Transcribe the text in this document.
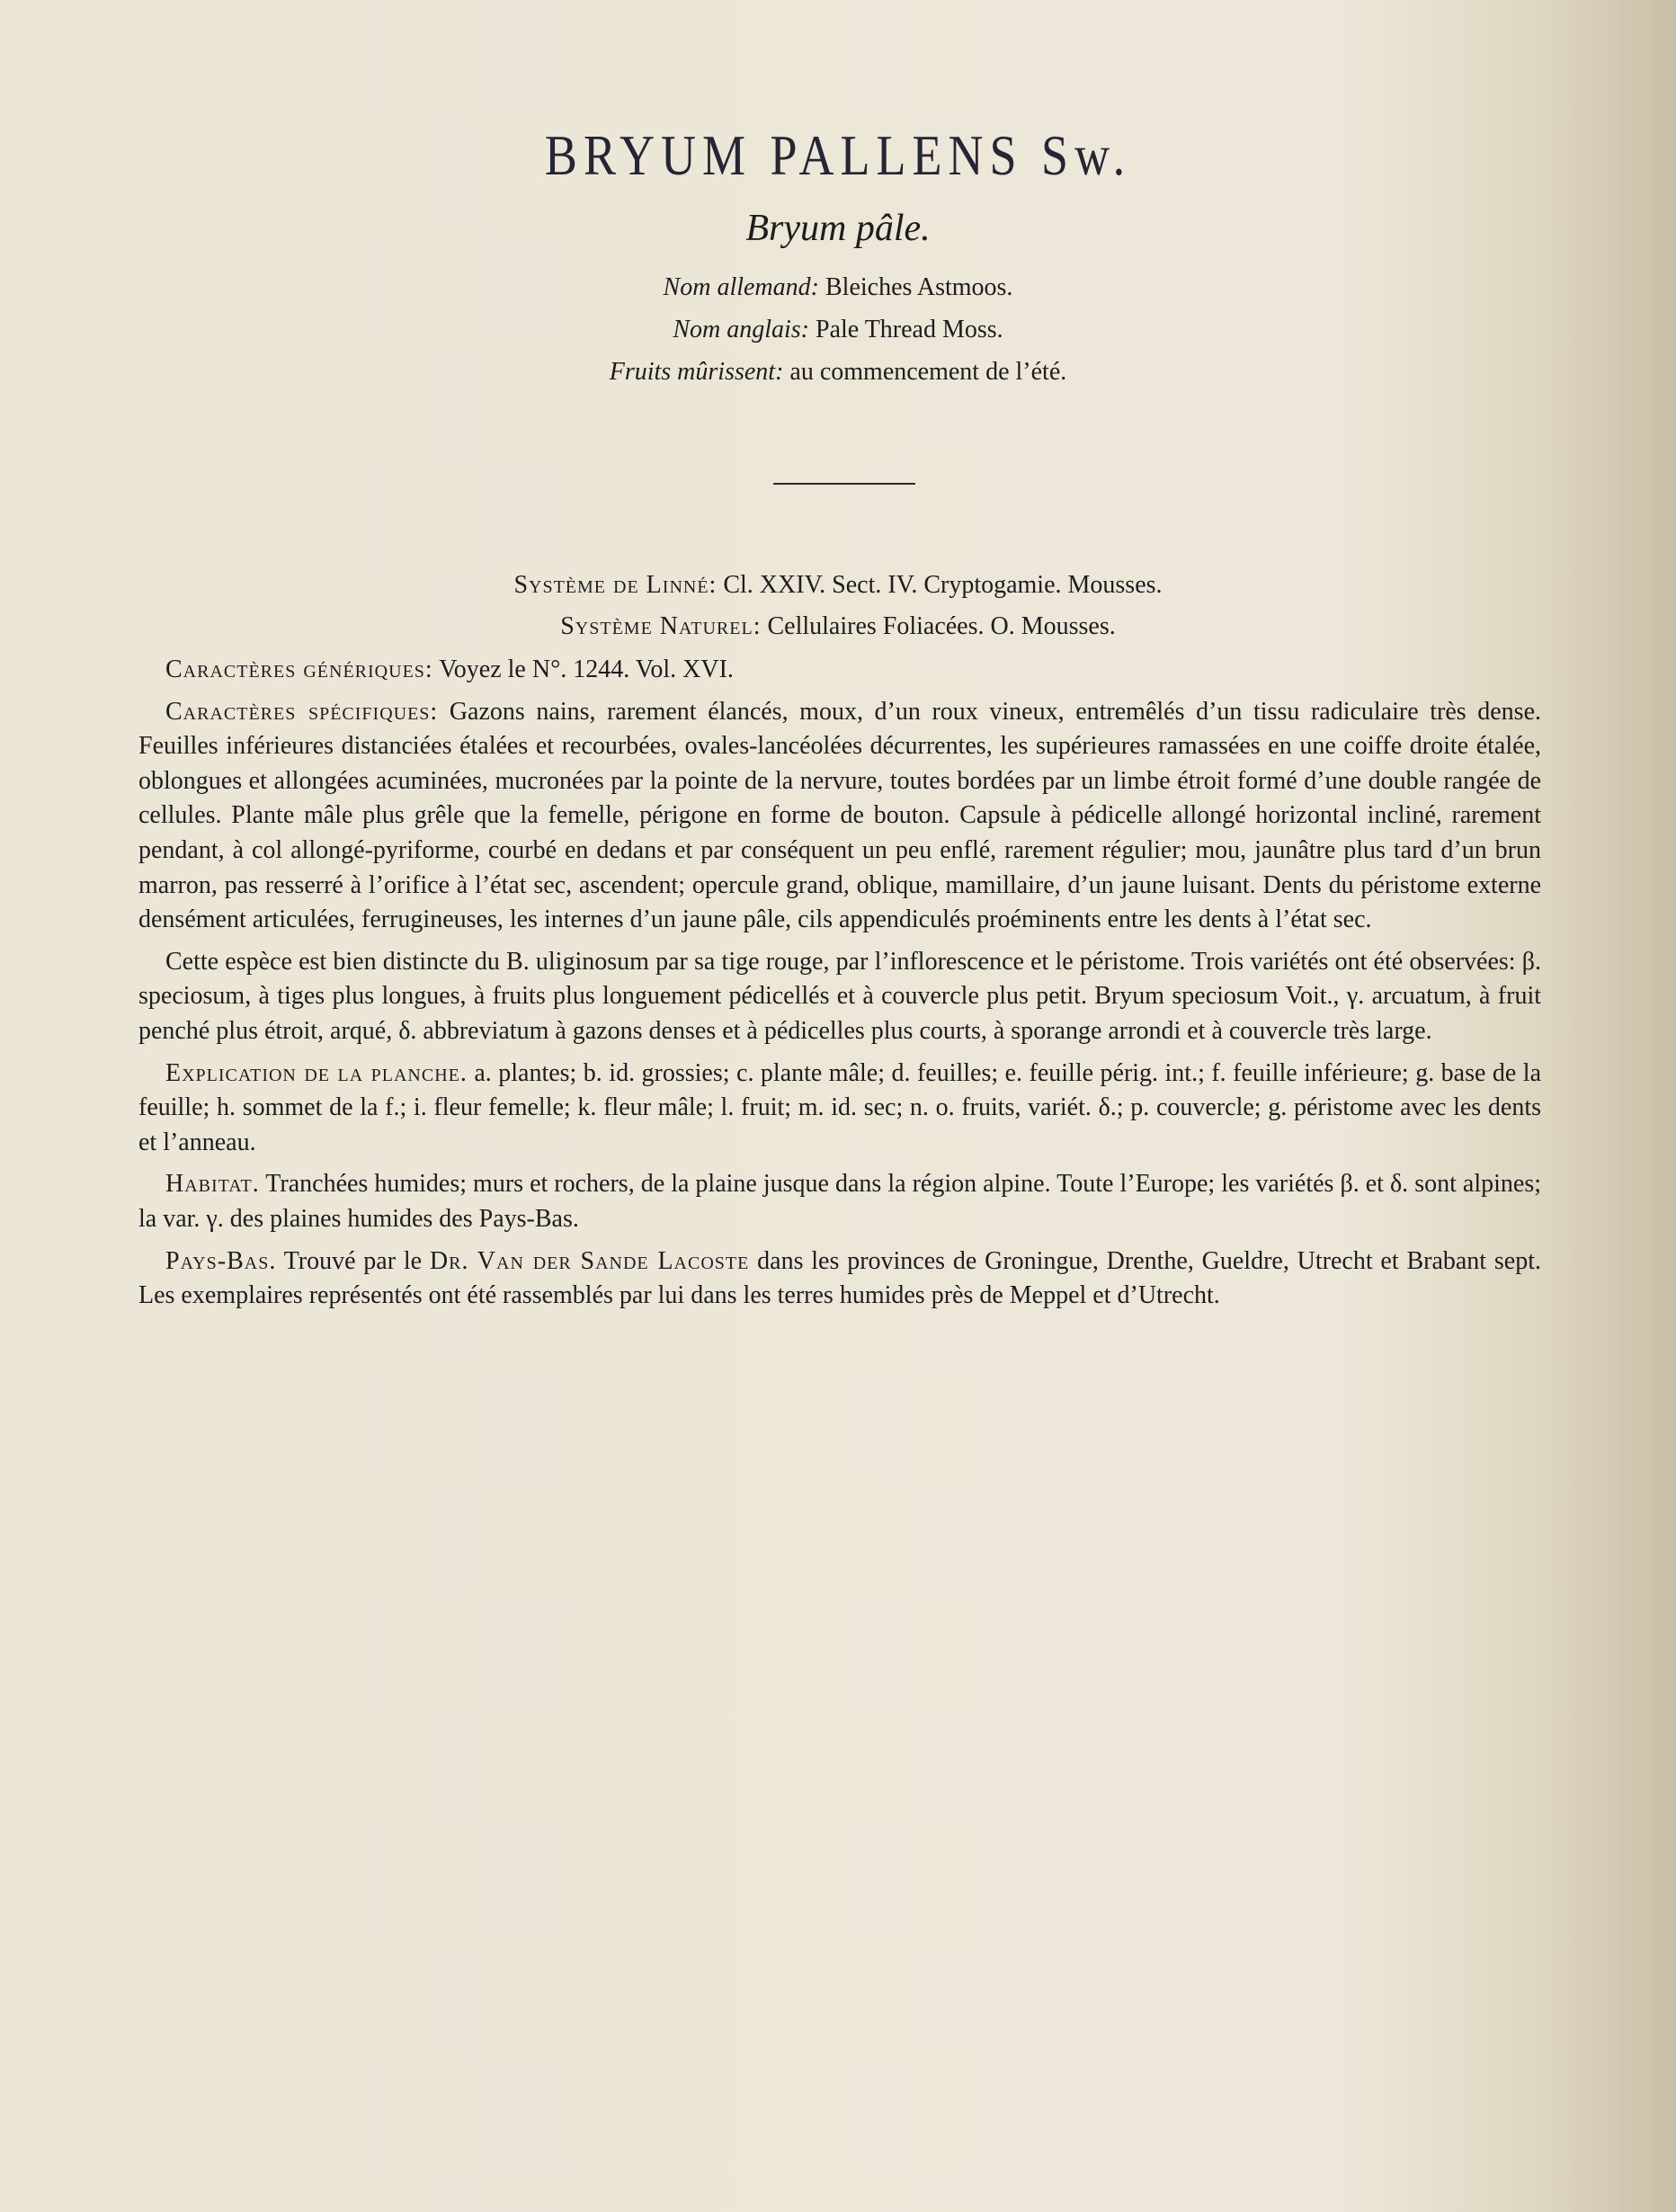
BRYUM PALLENS Sw.
Bryum pâle.
Nom allemand: Bleiches Astmoos.
Nom anglais: Pale Thread Moss.
Fruits mûrissent: au commencement de l’été.
Système de Linné: Cl. XXIV. Sect. IV. Cryptogamie. Mousses.
Système Naturel: Cellulaires Foliacées. O. Mousses.

Caractères génériques: Voyez le N°. 1244. Vol. XVI.

Caractères spécifiques: Gazons nains, rarement élancés, moux, d’un roux vineux, entremêlés d’un tissu radiculaire très dense. Feuilles inférieures distanciées étalées et recourbées, ovales-lancéolées décurrentes, les supérieures ramassées en une coiffe droite étalée, oblongues et allongées acuminées, mucronées par la pointe de la nervure, toutes bordées par un limbe étroit formé d’une double rangée de cellules. Plante mâle plus grêle que la femelle, périgone en forme de bouton. Capsule à pédicelle allongé horizontal incliné, rarement pendant, à col allongé-pyriforme, courbé en dedans et par conséquent un peu enflé, rarement régulier; mou, jaunâtre plus tard d’un brun marron, pas resserré à l’orifice à l’état sec, ascendent; opercule grand, oblique, mamillaire, d’un jaune luisant. Dents du péristome externe densément articulées, ferrugineuses, les internes d’un jaune pâle, cils appendiculés proéminents entre les dents à l’état sec.

Cette espèce est bien distincte du B. uliginosum par sa tige rouge, par l’inflorescence et le péristome. Trois variétés ont été observées: β. speciosum, à tiges plus longues, à fruits plus longuement pédicellés et à couvercle plus petit. Bryum speciosum Voit., γ. arcuatum, à fruit penché plus étroit, arqué, δ. abbreviatum à gazons denses et à pédicelles plus courts, à sporange arrondi et à couvercle très large.

Explication de la planche. a. plantes; b. id. grossies; c. plante mâle; d. feuilles; e. feuille périg. int.; f. feuille inférieure; g. base de la feuille; h. sommet de la f.; i. fleur femelle; k. fleur mâle; l. fruit; m. id. sec; n. o. fruits, variét. δ.; p. couvercle; g. péristome avec les dents et l’anneau.

Habitat. Tranchées humides; murs et rochers, de la plaine jusque dans la région alpine. Toute l’Europe; les variétés β. et δ. sont alpines; la var. γ. des plaines humides des Pays-Bas.

Pays-Bas. Trouvé par le Dr. Van der Sande Lacoste dans les provinces de Groningue, Drenthe, Gueldre, Utrecht et Brabant sept. Les exemplaires représentés ont été rassemblés par lui dans les terres humides près de Meppel et d’Utrecht.
